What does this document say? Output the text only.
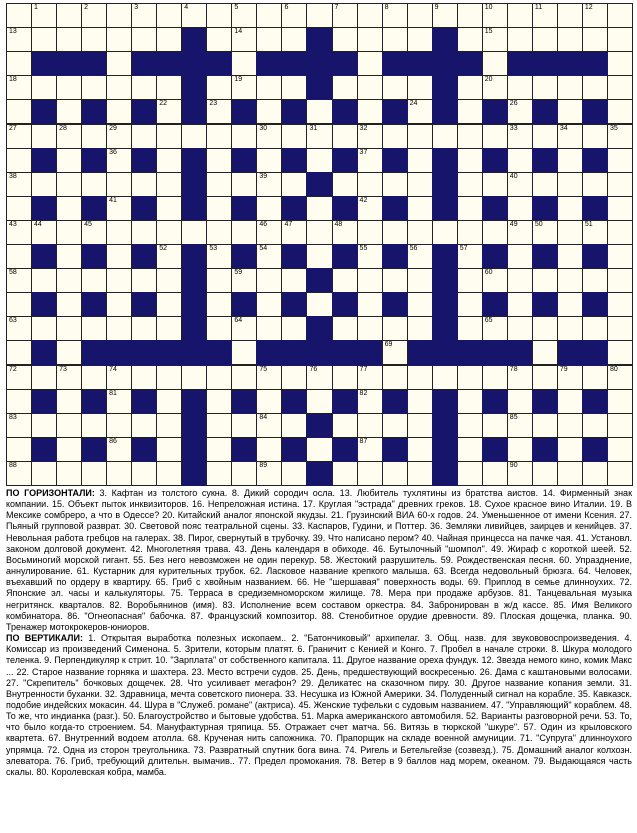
1	2	3	4	5	6	7	8	9	10	11	12
13	14	15
18	19	20
22	23	24	26
27	28	29	30	31	32	33	34	35
36	37
38	39	40
41	42
43 44	45	46 47	48	49 50	51
52	53	54	55	56	57
58	59	60
63	64	65
69
72	73	74	75	76	77	78	79	80
81	82
83	84	85
86	87
88	89	90

ПО ГОРИЗОНТАЛИ: 3. Кафтан из толстого сукна. 8. Дикий сородич осла. 13. Любитель тухлятины из братства аистов. 14. Фирменный знак компании. 15. Объект пыток инквизиторов. 16. Непреложная истина. 17. Круглая "эстрада" древних греков. 18. Сухое красное вино Италии. 19. В Мексике сомбреро, а что в Одессе? 20. Китайский аналог японской якудзы. 21. Грузинский ВИА 60-х годов. 24. Уменьшенное от имени Ксения. 27. Пьяный групповой разврат. 30. Световой пояс театральной сцены. 33. Каспаров, Гудини, и Поттер. 36. Земляки ливийцев, заирцев и кенийцев. 37. Невольная работа гребцов на галерах. 38. Пирог, свернутый в трубочку. 39. Что написано пером? 40. Чайная принцесса на пачке чая. 41. Установл. законом долговой документ. 42. Многолетняя трава. 43. День календаря в обиходе. 46. Бутылочный "шомпол". 49. Жираф с короткой шеей. 52. Восьминогий морской гигант. 55. Без него невозможен не один перекур. 58. Жестокий разрушитель. 59. Рождественская песня. 60. Упразднение, аннулирование. 61. Кустарник для курительных трубок. 62. Ласковое название крепкого малыша. 63. Всегда недовольный брюзга. 64. Человек, въехавший по ордеру в квартиру. 65. Гриб с хвойным названием. 66. Не "шершавая" поверхность воды. 69. Приплод в семье длинноухих. 72. Японские эл. часы и калькуляторы. 75. Терраса в средиземноморском жилище. 78. Мера при продаже арбузов. 81. Танцевальная музыка негритянск. кварталов. 82. Воробьянинов (имя). 83. Исполнение всем составом оркестра. 84. Забронирован в ж/д кассе. 85. Имя Великого комбинатора. 86. "Огнеопасная" бабочка. 87. Французский композитор. 88. Стенобитное орудие древности. 89. Плоская дощечка, планка. 90. Тренажер мотокрокеров-юниоров.

ПО ВЕРТИКАЛИ: 1. Открытая выработка полезных ископаем.. 2. "Батончиковый" архипелаг. 3. Общ. назв. для звукововоспроизведения. 4. Комиссар из произведений Сименона. 5. Зрители, которым платят. 6. Граничит с Кенией и Конго. 7. Пробел в начале строки. 8. Шкура молодого теленка. 9. Перпендикуляр к стрит. 10. "Зарплата" от собственного капитала. 11. Другое название ореха фундук. 12. Звезда немого кино, комик Макс ... 22. Старое название горняка и шахтера. 23. Место встречи судов. 25. День, предшествующий воскресенью. 26. Дама с каштановыми волосами. 27. "Скрепитель" бочковых дощечек. 28. Что усиливает мегафон? 29. Деликатес на сказочном пиру. 30. Другое название копания земли. 31. Внутренности буханки. 32. Здравница, мечта советского пионера. 33. Несушка из Южной Америки. 34. Полуденный сигнал на корабле. 35. Кавказск. подобие индейских мокасин. 44. Шура в "Служеб. романе" (актриса). 45. Женские туфельки с судовым названием. 47. "Управляющий" кораблем. 48. То же, что индианка (разг.). 50. Благоустройство и бытовые удобства. 51. Марка американского автомобиля. 52. Варианты разговорной речи. 53. То, что было когда-то строением. 54. Мануфактурная тряпица. 55. Отражает счет матча. 56. Витязь в тюркской "шкуре". 57. Один из крыловского квартета. 67. Внутренний водоем атолла. 68. Крученая нить сапожника. 70. Прапорщик на складе военной амуниции. 71. "Супруга" длинноухого упрямца. 72. Одна из сторон треугольника. 73. Развратный спутник бога вина. 74. Ригель и Бетельгейзе (созвезд.). 75. Домашний аналог колхозн. элеватора. 76. Гриб, требующий длительн. вымачив.. 77. Предел промокания. 78. Ветер в 9 баллов над морем, океаном. 79. Выдающаяся часть скалы. 80. Королевская кобра, мамба.
